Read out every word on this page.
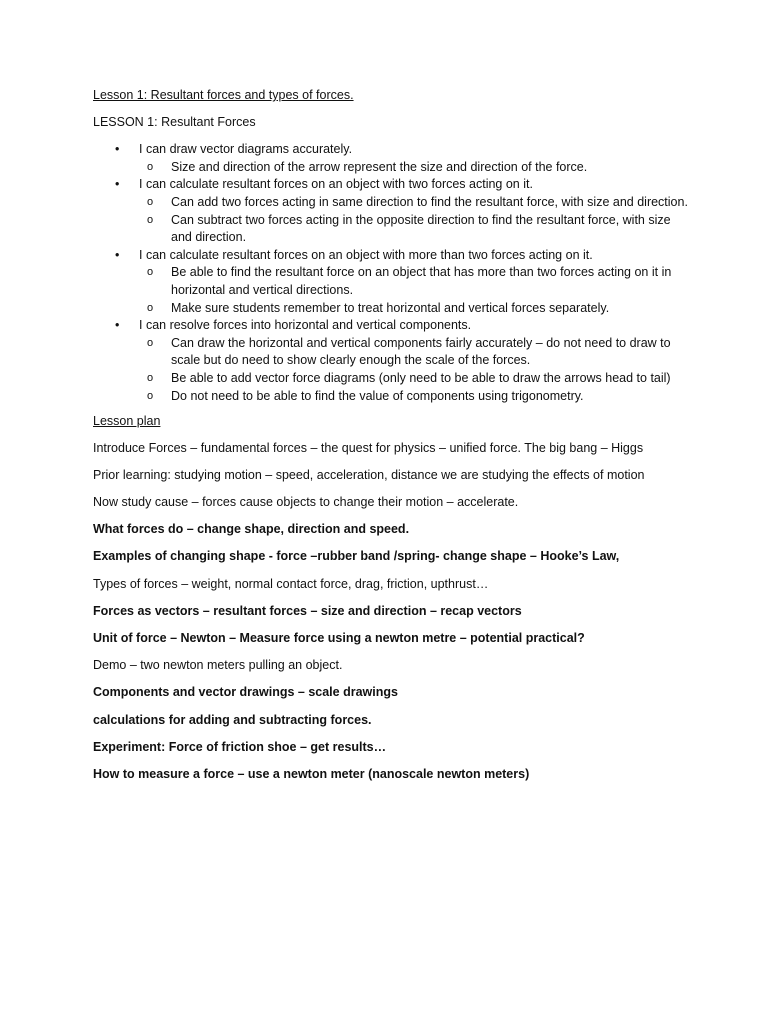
Lesson 1: Resultant forces and types of forces.
LESSON 1: Resultant Forces
• I can draw vector diagrams accurately.
o Size and direction of the arrow represent the size and direction of the force.
• I can calculate resultant forces on an object with two forces acting on it.
o Can add two forces acting in same direction to find the resultant force, with size and direction.
o Can subtract two forces acting in the opposite direction to find the resultant force, with size and direction.
• I can calculate resultant forces on an object with more than two forces acting on it.
o Be able to find the resultant force on an object that has more than two forces acting on it in horizontal and vertical directions.
o Make sure students remember to treat horizontal and vertical forces separately.
• I can resolve forces into horizontal and vertical components.
o Can draw the horizontal and vertical components fairly accurately – do not need to draw to scale but do need to show clearly enough the scale of the forces.
o Be able to add vector force diagrams (only need to be able to draw the arrows head to tail)
o Do not need to be able to find the value of components using trigonometry.
Lesson plan
Introduce Forces – fundamental forces – the quest for physics – unified force. The big bang – Higgs
Prior learning: studying motion – speed, acceleration, distance we are studying the effects of motion
Now study cause – forces cause objects to change their motion – accelerate.
What forces do – change shape, direction and speed.
Examples of changing shape - force –rubber band /spring- change shape – Hooke’s Law,
Types of forces – weight, normal contact force, drag, friction, upthrust…
Forces as vectors – resultant forces – size and direction – recap vectors
Unit of force – Newton – Measure force using a newton metre – potential practical?
Demo – two newton meters pulling an object.
Components and vector drawings – scale drawings
calculations for adding and subtracting forces.
Experiment: Force of friction shoe – get results…
How to measure a force – use a newton meter (nanoscale newton meters)
